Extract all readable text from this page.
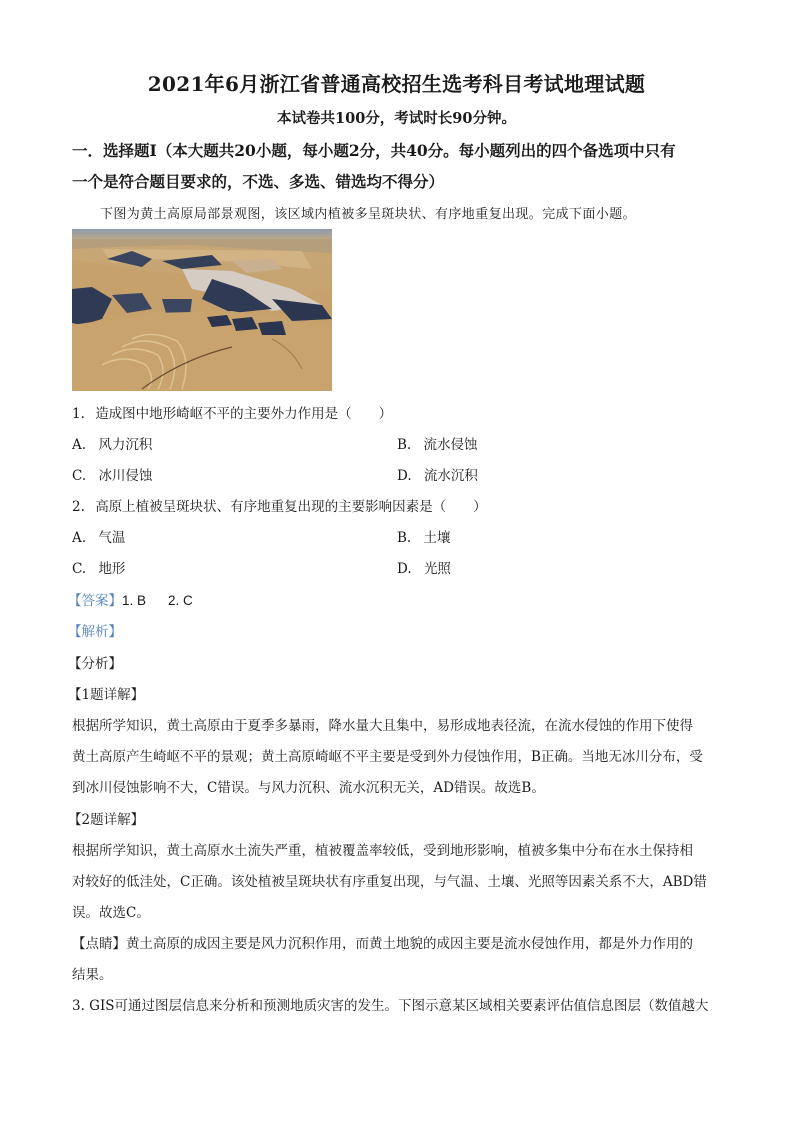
2021年6月浙江省普通高校招生选考科目考试地理试题
本试卷共100分，考试时长90分钟。
一．选择题Ⅰ（本大题共20小题，每小题2分，共40分。每小题列出的四个备选项中只有
一个是符合题目要求的，不选、多选、错选均不得分）
下图为黄土高原局部景观图，该区域内植被多呈斑块状、有序地重复出现。完成下面小题。
1. 造成图中地形崎岖不平的主要外力作用是（　　）
A. 风力沉积	B. 流水侵蚀
C. 冰川侵蚀	D. 流水沉积
2. 高原上植被呈斑块状、有序地重复出现的主要影响因素是（　　）
A. 气温	B. 土壤
C. 地形	D. 光照
【答案】1. B 2. C
【解析】
【分析】
【1题详解】
根据所学知识，黄土高原由于夏季多暴雨，降水量大且集中，易形成地表径流，在流水侵蚀的作用下使得
黄土高原产生崎岖不平的景观；黄土高原崎岖不平主要是受到外力侵蚀作用，B正确。当地无冰川分布，受
到冰川侵蚀影响不大，C错误。与风力沉积、流水沉积无关，AD错误。故选B。
【2题详解】
根据所学知识，黄土高原水土流失严重，植被覆盖率较低，受到地形影响，植被多集中分布在水土保持相
对较好的低洼处，C正确。该处植被呈斑块状有序重复出现，与气温、土壤、光照等因素关系不大，ABD错
误。故选C。
【点睛】黄土高原的成因主要是风力沉积作用，而黄土地貌的成因主要是流水侵蚀作用，都是外力作用的
结果。
3. GIS可通过图层信息来分析和预测地质灾害的发生。下图示意某区域相关要素评估值信息图层（数值越大
